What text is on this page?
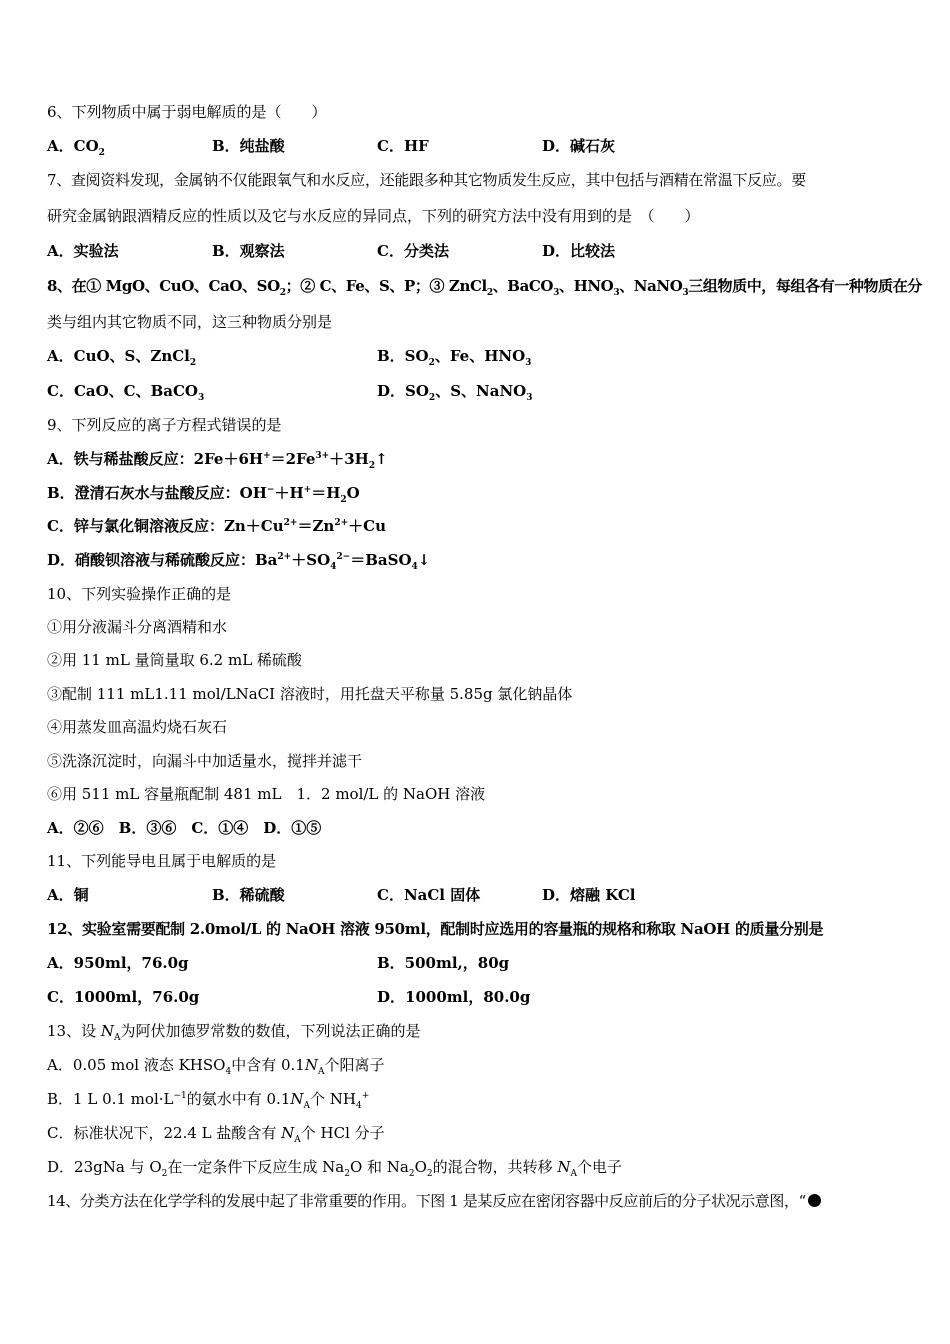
6、下列物质中属于弱电解质的是（　　）
A．$CO_2$	B．纯盐酸	C．HF	D．碱石灰
7、查阅资料发现，金属钠不仅能跟氧气和水反应，还能跟多种其它物质发生反应，其中包括与酒精在常温下反应。要
研究金属钠跟酒精反应的性质以及它与水反应的异同点，下列的研究方法中没有用到的是　（　　）
A．实验法	B．观察法	C．分类法	D．比较法
8、在① MgO、CuO、CaO、$SO_2$；② C、Fe、S、P；③ ZnCl$_2$、BaCO$_3$、$HNO_3$、NaNO$_3$三组物质中，每组各有一种物质在分
类与组内其它物质不同，这三种物质分别是
A．CuO、S、ZnCl$_2$	B．$SO_2$、Fe、$HNO_3$
C．CaO、C、BaCO$_3$	D．$SO_2$、S、NaNO$_3$
9、下列反应的离子方程式错误的是
A．铁与稀盐酸反应：$2Fe+6H^+=2Fe^{3+}+3H_2↑$
B．澄清石灰水与盐酸反应：$OH^-+H^+=H_2O$
C．锌与氯化铜溶液反应：$Zn+Cu^{2+}=Zn^{2+}+Cu$
D．硝酸钡溶液与稀硫酸反应：$Ba^{2+}+SO_4^{2-}=BaSO_4↓$
10、下列实验操作正确的是
①用分液漏斗分离酒精和水
②用 11 mL 量筒量取 6.2 mL 稀硫酸
③配制 111 mL1.11 mol/LNaCI 溶液时，用托盘天平称量 5.85g 氯化钠晶体
④用蒸发皿高温灼烧石灰石
⑤洗涤沉淀时，向漏斗中加适量水，搅拌并滤干
⑥用 511 mL 容量瓶配制 481 mL　1．2 mol/L 的 NaOH 溶液
A．②⑥　B．③⑥　C．①④　D．①⑤
11、下列能导电且属于电解质的是
A．铜	B．稀硫酸	C．NaCl 固体	D．熔融 KCl
12、实验室需要配制 2.0mol/L 的 NaOH 溶液 950ml，配制时应选用的容量瓶的规格和称取 NaOH 的质量分别是
A．950ml，76.0g	B．500ml,，80g
C．1000ml，76.0g	D．1000ml，80.0g
13、设 $N_A$为阿伏加德罗常数的数值，下列说法正确的是
A．0.05 mol 液态 $KHSO_4$中含有 $0.1N_A$个阳离子
B．1 L 0.1 $mol\cdot L^{-1}$的氨水中有 $0.1N_A$个 $NH_4^+$
C．标准状况下，22.4 L 盐酸含有 $N_A$个 HCl 分子
D．23gNa 与 $O_2$在一定条件下反应生成 $Na_2O$ 和 $Na_2O_2$的混合物，共转移 $N_A$个电子
14、分类方法在化学学科的发展中起了非常重要的作用。下图 1 是某反应在密闭容器中反应前后的分子状况示意图，“
